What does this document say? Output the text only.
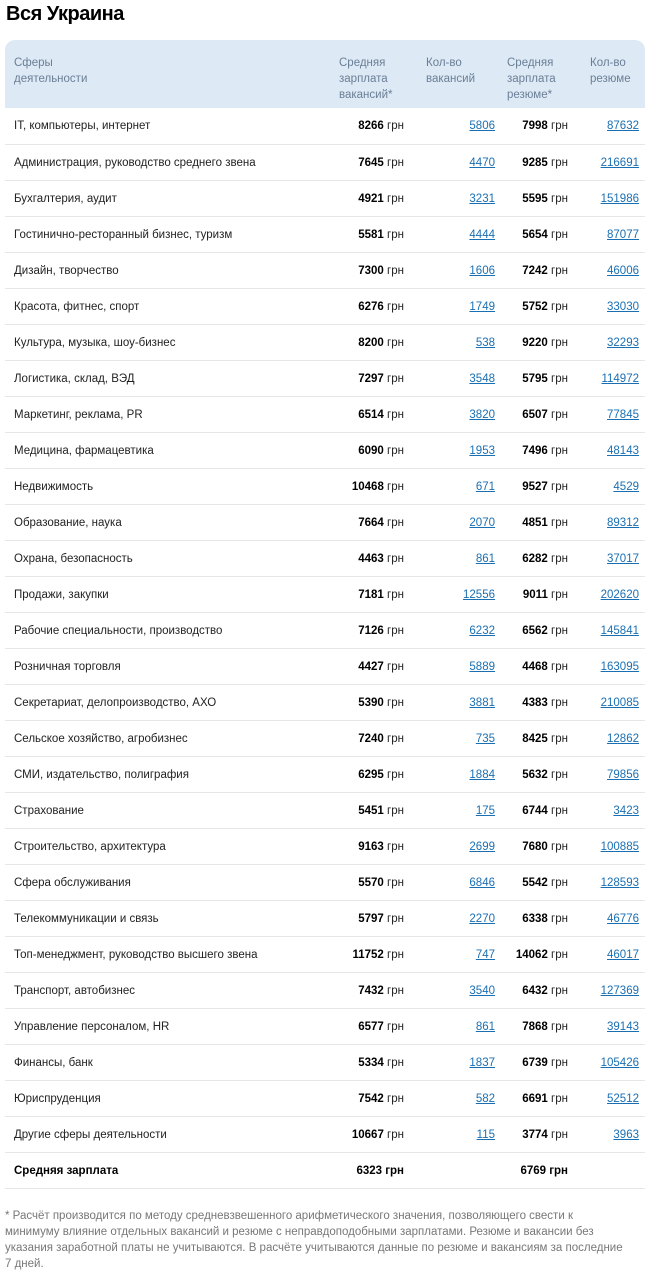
Вся Украина
Сферы деятельности	Средняя зарплата вакансий*	Кол-во вакансий	Средняя зарплата резюме*	Кол-во резюме
IT, компьютеры, интернет	8266 грн	5806	7998 грн	87632
Администрация, руководство среднего звена	7645 грн	4470	9285 грн	216691
Бухгалтерия, аудит	4921 грн	3231	5595 грн	151986
Гостинично-ресторанный бизнес, туризм	5581 грн	4444	5654 грн	87077
Дизайн, творчество	7300 грн	1606	7242 грн	46006
Красота, фитнес, спорт	6276 грн	1749	5752 грн	33030
Культура, музыка, шоу-бизнес	8200 грн	538	9220 грн	32293
Логистика, склад, ВЭД	7297 грн	3548	5795 грн	114972
Маркетинг, реклама, PR	6514 грн	3820	6507 грн	77845
Медицина, фармацевтика	6090 грн	1953	7496 грн	48143
Недвижимость	10468 грн	671	9527 грн	4529
Образование, наука	7664 грн	2070	4851 грн	89312
Охрана, безопасность	4463 грн	861	6282 грн	37017
Продажи, закупки	7181 грн	12556	9011 грн	202620
Рабочие специальности, производство	7126 грн	6232	6562 грн	145841
Розничная торговля	4427 грн	5889	4468 грн	163095
Секретариат, делопроизводство, АХО	5390 грн	3881	4383 грн	210085
Сельское хозяйство, агробизнес	7240 грн	735	8425 грн	12862
СМИ, издательство, полиграфия	6295 грн	1884	5632 грн	79856
Страхование	5451 грн	175	6744 грн	3423
Строительство, архитектура	9163 грн	2699	7680 грн	100885
Сфера обслуживания	5570 грн	6846	5542 грн	128593
Телекоммуникации и связь	5797 грн	2270	6338 грн	46776
Топ-менеджмент, руководство высшего звена	11752 грн	747	14062 грн	46017
Транспорт, автобизнес	7432 грн	3540	6432 грн	127369
Управление персоналом, HR	6577 грн	861	7868 грн	39143
Финансы, банк	5334 грн	1837	6739 грн	105426
Юриспруденция	7542 грн	582	6691 грн	52512
Другие сферы деятельности	10667 грн	115	3774 грн	3963
Средняя зарплата	6323 грн		6769 грн	

* Расчёт производится по методу средневзвешенного арифметического значения, позволяющего свести к минимуму влияние отдельных вакансий и резюме с неправдоподобными зарплатами. Резюме и вакансии без указания заработной платы не учитываются. В расчёте учитываются данные по резюме и вакансиям за последние 7 дней.
